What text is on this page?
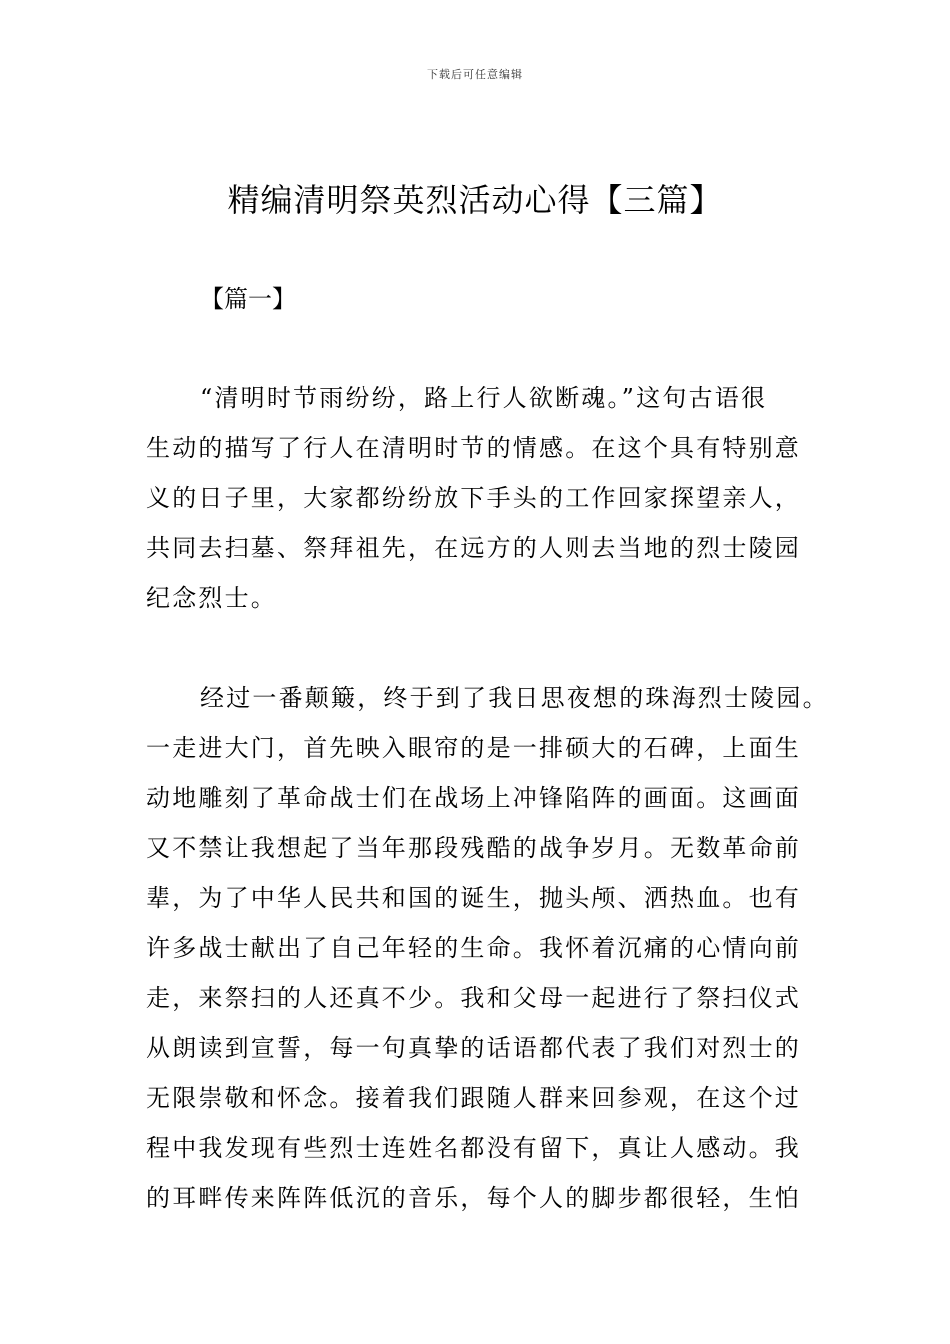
下载后可任意编辑
精编清明祭英烈活动心得【三篇】
【篇一】
“清明时节雨纷纷，路上行人欲断魂。”这句古语很
生动的描写了行人在清明时节的情感。在这个具有特别意
义的日子里，大家都纷纷放下手头的工作回家探望亲人，
共同去扫墓、祭拜祖先，在远方的人则去当地的烈士陵园
纪念烈士。
经过一番颠簸，终于到了我日思夜想的珠海烈士陵园。
一走进大门，首先映入眼帘的是一排硕大的石碑，上面生
动地雕刻了革命战士们在战场上冲锋陷阵的画面。这画面
又不禁让我想起了当年那段残酷的战争岁月。无数革命前
辈，为了中华人民共和国的诞生，抛头颅、洒热血。也有
许多战士献出了自己年轻的生命。我怀着沉痛的心情向前
走，来祭扫的人还真不少。我和父母一起进行了祭扫仪式
从朗读到宣誓，每一句真挚的话语都代表了我们对烈士的
无限崇敬和怀念。接着我们跟随人群来回参观，在这个过
程中我发现有些烈士连姓名都没有留下，真让人感动。我
的耳畔传来阵阵低沉的音乐，每个人的脚步都很轻，生怕
